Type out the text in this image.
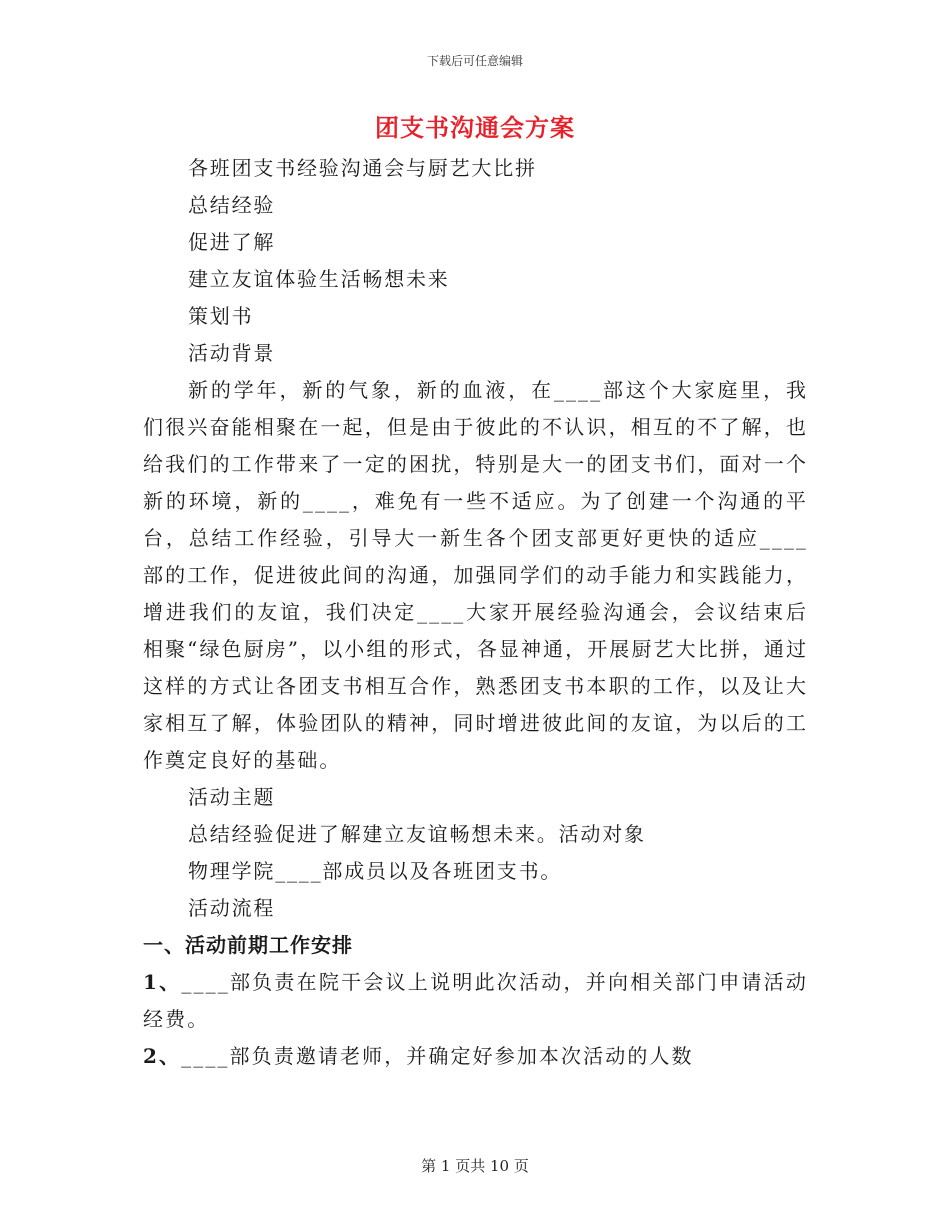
下载后可任意编辑
团支书沟通会方案

各班团支书经验沟通会与厨艺大比拼

总结经验

促进了解

建立友谊体验生活畅想未来

策划书

活动背景

新的学年，新的气象，新的血液，在____部这个大家庭里，我们很兴奋能相聚在一起，但是由于彼此的不认识，相互的不了解，也给我们的工作带来了一定的困扰，特别是大一的团支书们，面对一个新的环境，新的____，难免有一些不适应。为了创建一个沟通的平台，总结工作经验，引导大一新生各个团支部更好更快的适应____部的工作，促进彼此间的沟通，加强同学们的动手能力和实践能力，增进我们的友谊，我们决定____大家开展经验沟通会，会议结束后相聚“绿色厨房”，以小组的形式，各显神通，开展厨艺大比拼，通过这样的方式让各团支书相互合作，熟悉团支书本职的工作，以及让大家相互了解，体验团队的精神，同时增进彼此间的友谊，为以后的工作奠定良好的基础。

活动主题

总结经验促进了解建立友谊畅想未来。活动对象

物理学院____部成员以及各班团支书。

活动流程

一、活动前期工作安排

1、____部负责在院干会议上说明此次活动，并向相关部门申请活动经费。

2、____部负责邀请老师，并确定好参加本次活动的人数

第 1 页共 10 页
